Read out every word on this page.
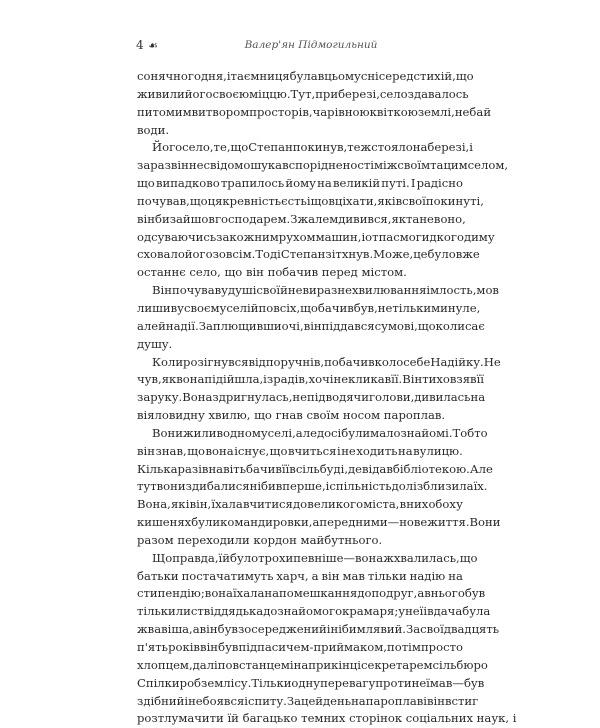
4 ☙	Валер'ян Підмогильний
сонячного дня, і таємниця була в цьому сні серед стихій, що
живили його своєю міццю. Тут, при березі, село здавалось
питомим витвором просторів, чарівною квіткою землі, неба й
води.
Його село, те, що Степан покинув, теж стояло на березі, і
зараз він несвідомо шукав спорідненості між своїм та цим селом,
що випадково трапилось йому на великій путі. І радісно
почував, що ця кревність єсть і що в ці хати, як і в свої покинуті,
він би зайшов господарем. З жалем дивився, як тане воно,
одсуваючись за кожним рухом машин, і от пасмо гидкого диму
сховало його зовсім. Тоді Степан зітхнув. Може, це було вже
останнє село, що він побачив перед містом.
Він почував у душі своїй невиразне хвилювання і млость, мов
лишив у своєму селі й по всіх, що бачив був, не тільки минуле,
але й надії. Заплющивши очі, він піддався сумові, що колисає
душу.
Коли розігнувся від поручнів, побачив коло себе Надійку. Не
чув, як вона підійшла, і зрадів, хоч і не кликав її. Він тихо взяв її
за руку. Вона здригнулась, не підводячи голови, дивилась на
віяловидну хвилю, що гнав своїм носом пароплав.
Вони жили в одному селі, але досі були мало знайомі. Тобто
він знав, що вона існує, що вчиться і не ходить на вулицю.
Кілька разів навіть бачив її в сільбуді, де відав бібліотекою. Але
тут вони здибалися ніби вперше, і спільність долі зблизила їх.
Вона, як і він, їхала вчитися до великого міста, в них обох у
кишенях були командировки, а перед ними — нове життя. Вони
разом переходили кордон майбутнього.
Щоправда, їй було трохи певніше — вона ж хвалилась, що
батьки постачатимуть харч, а він мав тільки надію на
стипендію; вона їхала на помешкання до подруг, а в нього був
тільки лист від дядька до знайомого крамаря; у неї і вдача була
жвавіша, а він був зосереджений і ніби млявий. За свої двадцять
п'ять років він був підпасичем-приймаком, потім просто
хлопцем, далі повстанцем і наприкінці секретарем сільбюро
Спілки робземлісу. Тільки одну перевагу проти неї мав — був
здібний і не боявся іспиту. За цей день на пароплаві він встиг
розтлумачити їй багацько темних сторінок соціальних наук, і
